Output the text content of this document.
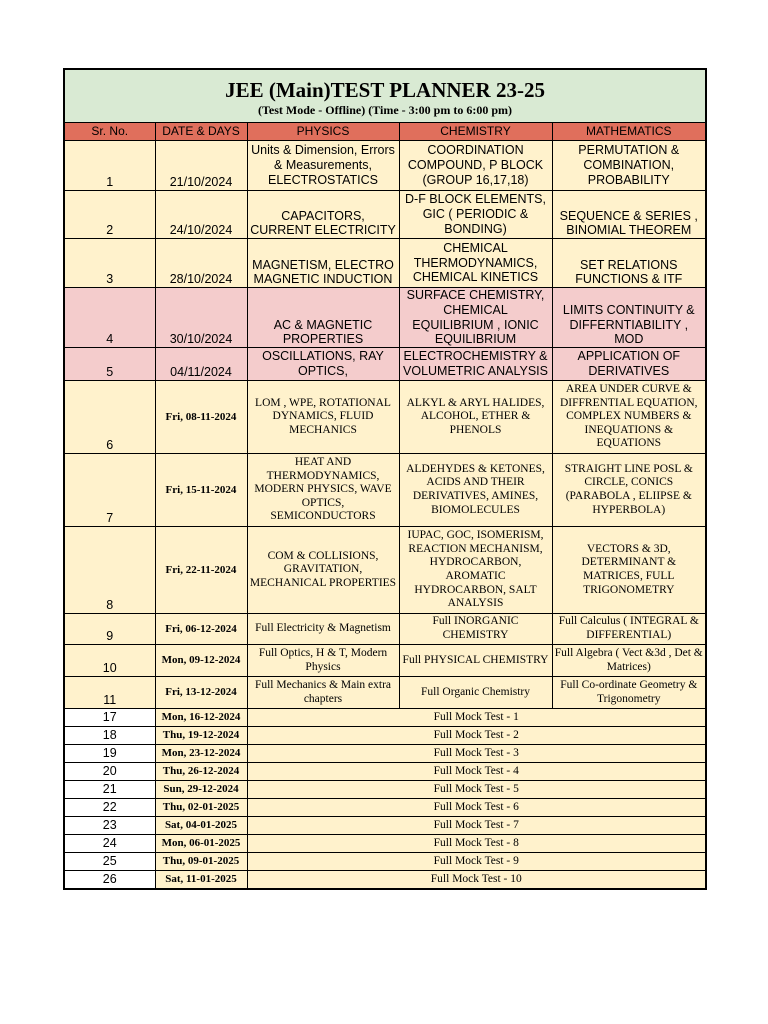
JEE (Main)TEST PLANNER 23-25
(Test Mode - Offline) (Time - 3:00 pm to 6:00 pm)				

Sr. No.	DATE & DAYS	PHYSICS	CHEMISTRY	MATHEMATICS
1	21/10/2024	Units & Dimension, Errors & Measurements, ELECTROSTATICS	COORDINATION COMPOUND, P BLOCK (GROUP 16,17,18)	PERMUTATION & COMBINATION, PROBABILITY
2	24/10/2024	CAPACITORS, CURRENT ELECTRICITY	D-F BLOCK ELEMENTS, GIC ( PERIODIC & BONDING)	SEQUENCE & SERIES , BINOMIAL THEOREM
3	28/10/2024	MAGNETISM, ELECTRO MAGNETIC INDUCTION	CHEMICAL THERMODYNAMICS, CHEMICAL KINETICS	SET RELATIONS FUNCTIONS & ITF
4	30/10/2024	AC & MAGNETIC PROPERTIES	SURFACE CHEMISTRY, CHEMICAL EQUILIBRIUM , IONIC EQUILIBRIUM	LIMITS CONTINUITY & DIFFERNTIABILITY , MOD
5	04/11/2024	OSCILLATIONS, RAY OPTICS,	ELECTROCHEMISTRY & VOLUMETRIC ANALYSIS	APPLICATION OF DERIVATIVES
6	Fri, 08-11-2024	LOM , WPE, ROTATIONAL DYNAMICS, FLUID MECHANICS	ALKYL & ARYL HALIDES, ALCOHOL, ETHER & PHENOLS	AREA UNDER CURVE & DIFFRENTIAL EQUATION, COMPLEX NUMBERS & INEQUATIONS & EQUATIONS
7	Fri, 15-11-2024	HEAT AND THERMODYNAMICS, MODERN PHYSICS, WAVE OPTICS, SEMICONDUCTORS	ALDEHYDES & KETONES, ACIDS AND THEIR DERIVATIVES, AMINES, BIOMOLECULES	STRAIGHT LINE POSL & CIRCLE, CONICS (PARABOLA , ELIIPSE & HYPERBOLA)
8	Fri, 22-11-2024	COM & COLLISIONS, GRAVITATION, MECHANICAL PROPERTIES	IUPAC, GOC, ISOMERISM, REACTION MECHANISM, HYDROCARBON, AROMATIC HYDROCARBON, SALT ANALYSIS	VECTORS & 3D, DETERMINANT & MATRICES, FULL TRIGONOMETRY
9	Fri, 06-12-2024	Full Electricity & Magnetism	Full INORGANIC CHEMISTRY	Full Calculus ( INTEGRAL & DIFFERENTIAL)
10	Mon, 09-12-2024	Full Optics, H & T, Modern Physics	Full PHYSICAL CHEMISTRY	Full Algebra ( Vect &3d , Det & Matrices)
11	Fri, 13-12-2024	Full Mechanics & Main extra chapters	Full Organic Chemistry	Full Co-ordinate Geometry & Trigonometry
17	Mon, 16-12-2024	Full Mock Test - 1		
18	Thu, 19-12-2024	Full Mock Test - 2		
19	Mon, 23-12-2024	Full Mock Test - 3		
20	Thu, 26-12-2024	Full Mock Test - 4		
21	Sun, 29-12-2024	Full Mock Test - 5		
22	Thu, 02-01-2025	Full Mock Test - 6		
23	Sat, 04-01-2025	Full Mock Test - 7		
24	Mon, 06-01-2025	Full Mock Test - 8		
25	Thu, 09-01-2025	Full Mock Test - 9		
26	Sat, 11-01-2025	Full Mock Test - 10		
